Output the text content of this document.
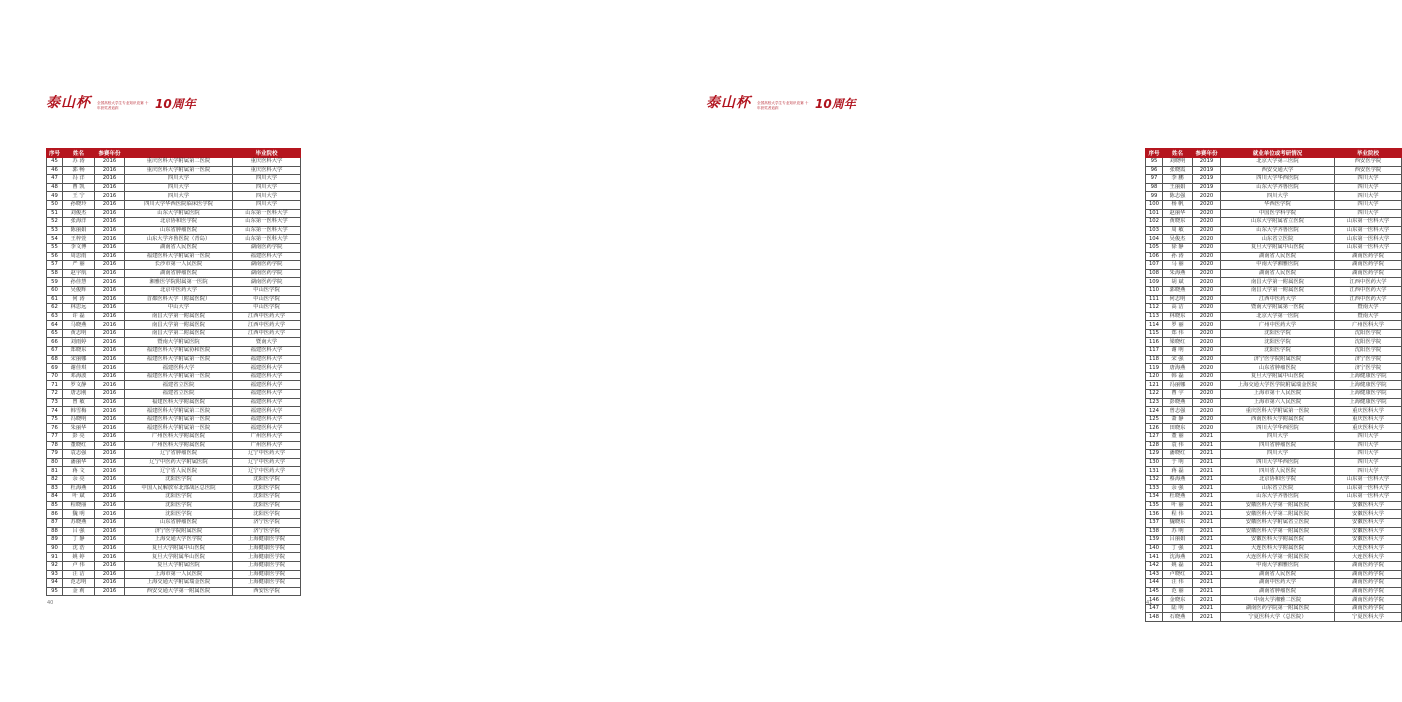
泰山杯 全国高校大学生专业知识竞赛 十年获奖者追踪	10周年
序号	姓名	参赛年份		毕业院校
45	苏 涛	2016	重庆医科大学附属第二医院	重庆医科大学
46	郭 畅	2016	重庆医科大学附属第一医院	重庆医科大学
47	冯 洋	2016	四川大学	四川大学
48	曹 凯	2016	四川大学	四川大学
49	王 宁	2016	四川大学	四川大学
50	孙晓玲	2016	四川大学华西医院临床医学院	四川大学
51	刘俊杰	2016	山东大学附属医院	山东第一医科大学
52	张海洋	2016	北京协和医学院	山东第一医科大学
53	陈丽娟	2016	山东省肿瘤医院	山东第一医科大学
54	王梓萱	2016	山东大学齐鲁医院（青岛）	山东第一医科大学
55	李文博	2016	湖南省人民医院	湖南医药学院
56	周思雨	2016	福建医科大学附属第一医院	福建医科大学
57	严 丽	2016	长沙市第一人民医院	湖南医药学院
58	赵宇航	2016	湖南省肿瘤医院	湖南医药学院
59	孙佳慧	2016	湘雅医学院附属第一医院	湖南医药学院
60	吴俊辉	2016	北京中医药大学	中山医学院
61	何 涛	2016	首都医科大学（附属医院）	中山医学院
62	林思远	2016	中山大学	中山医学院
63	许 磊	2016	南昌大学第一附属医院	江西中医药大学
64	马晓燕	2016	南昌大学第一附属医院	江西中医药大学
65	黄志明	2016	南昌大学第二附属医院	江西中医药大学
66	刘雨婷	2016	暨南大学附属医院	暨南大学
67	郑晓东	2016	福建医科大学附属协和医院	福建医科大学
68	宋丽娜	2016	福建医科大学附属第一医院	福建医科大学
69	谢佳琪	2016	福建医科大学	福建医科大学
70	邓海波	2016	福建医科大学附属第一医院	福建医科大学
71	罗文静	2016	福建省立医院	福建医科大学
72	唐志刚	2016	福建省立医院	福建医科大学
73	曾 敏	2016	福建医科大学附属医院	福建医科大学
74	韩雪梅	2016	福建医科大学附属第二医院	福建医科大学
75	冯晓明	2016	福建医科大学附属第一医院	福建医科大学
76	朱丽华	2016	福建医科大学附属第一医院	福建医科大学
77	彭 亮	2016	广州医科大学附属医院	广州医科大学
78	董晓红	2016	广州医科大学附属医院	广州医科大学
79	袁志强	2016	辽宁省肿瘤医院	辽宁中医药大学
80	潘丽华	2016	辽宁中医药大学附属医院	辽宁中医药大学
81	蒋 文	2016	辽宁省人民医院	辽宁中医药大学
82	余 亮	2016	沈阳医学院	沈阳医学院
83	杜海燕	2016	中国人民解放军北部战区总医院	沈阳医学院
84	叶 斌	2016	沈阳医学院	沈阳医学院
85	程晓丽	2016	沈阳医学院	沈阳医学院
86	魏 明	2016	沈阳医学院	沈阳医学院
87	苏晓燕	2016	山东省肿瘤医院	济宁医学院
88	吕 强	2016	济宁医学院附属医院	济宁医学院
89	丁 静	2016	上海交通大学医学院	上海健康医学院
90	沈 浩	2016	复旦大学附属中山医院	上海健康医学院
91	姚 婷	2016	复旦大学附属华山医院	上海健康医学院
92	卢 伟	2016	复旦大学附属医院	上海健康医学院
93	汪 洁	2016	上海市第一人民医院	上海健康医学院
94	范志明	2016	上海交通大学附属瑞金医院	上海健康医学院
95	金 莉	2016	西安交通大学第一附属医院	西安医学院
40
泰山杯 全国高校大学生专业知识竞赛 十年获奖者追踪	10周年
序号	姓名	参赛年份	就业单位或考研情况	毕业院校
95	刘晓明	2019	北京大学第三医院	西安医学院
96	张晓霞	2019	西安交通大学	西安医学院
97	李 鹏	2019	四川大学华西医院	四川大学
98	王丽娟	2019	山东大学齐鲁医院	四川大学
99	陈志强	2020	四川大学	四川大学
100	杨 帆	2020	华西医学院	四川大学
101	赵丽华	2020	中国医学科学院	四川大学
102	黄晓东	2020	山东大学附属省立医院	山东第一医科大学
103	周 敏	2020	山东大学齐鲁医院	山东第一医科大学
104	吴俊杰	2020	山东省立医院	山东第一医科大学
105	徐 静	2020	复旦大学附属中山医院	山东第一医科大学
106	孙 涛	2020	湖南省人民医院	湖南医药学院
107	马 丽	2020	中南大学湘雅医院	湖南医药学院
108	朱海燕	2020	湖南省人民医院	湖南医药学院
109	胡 斌	2020	南昌大学第一附属医院	江西中医药大学
110	郭晓燕	2020	南昌大学第一附属医院	江西中医药大学
111	何志明	2020	江西中医药大学	江西中医药大学
112	高 洁	2020	暨南大学附属第一医院	暨南大学
113	林晓东	2020	北京大学第一医院	暨南大学
114	罗 丽	2020	广州中医药大学	广州医科大学
115	郑 伟	2020	沈阳医学院	沈阳医学院
116	梁晓红	2020	沈阳医学院	沈阳医学院
117	谢 明	2020	沈阳医学院	沈阳医学院
118	宋 强	2020	济宁医学院附属医院	济宁医学院
119	唐海燕	2020	山东省肿瘤医院	济宁医学院
120	韩 磊	2020	复旦大学附属中山医院	上海健康医学院
121	冯丽娜	2020	上海交通大学医学院附属瑞金医院	上海健康医学院
122	曹 宇	2020	上海市第十人民医院	上海健康医学院
123	彭晓燕	2020	上海市第六人民医院	上海健康医学院
124	曾志强	2020	重庆医科大学附属第一医院	重庆医科大学
125	萧 静	2020	西南医科大学附属医院	重庆医科大学
126	田晓东	2020	四川大学华西医院	重庆医科大学
127	董 丽	2021	四川大学	四川大学
128	袁 伟	2021	四川省肿瘤医院	四川大学
129	潘晓红	2021	四川大学	四川大学
130	于 明	2021	四川大学华西医院	四川大学
131	蒋 磊	2021	四川省人民医院	四川大学
132	蔡海燕	2021	北京协和医学院	山东第一医科大学
133	余 强	2021	山东省立医院	山东第一医科大学
134	杜晓燕	2021	山东大学齐鲁医院	山东第一医科大学
135	叶 丽	2021	安徽医科大学第一附属医院	安徽医科大学
136	程 伟	2021	安徽医科大学第二附属医院	安徽医科大学
137	魏晓东	2021	安徽医科大学附属省立医院	安徽医科大学
138	苏 明	2021	安徽医科大学第一附属医院	安徽医科大学
139	吕丽娟	2021	安徽医科大学附属医院	安徽医科大学
140	丁 强	2021	大连医科大学附属医院	大连医科大学
141	沈海燕	2021	大连医科大学第一附属医院	大连医科大学
142	姚 磊	2021	中南大学湘雅医院	湖南医药学院
143	卢晓红	2021	湖南省人民医院	湖南医药学院
144	汪 伟	2021	湖南中医药大学	湖南医药学院
145	范 丽	2021	湖南省肿瘤医院	湖南医药学院
146	金晓东	2021	中南大学湘雅二医院	湖南医药学院
147	陆 明	2021	湖南医药学院第一附属医院	湖南医药学院
148	石晓燕	2021	宁夏医科大学（总医院）	宁夏医科大学
41
